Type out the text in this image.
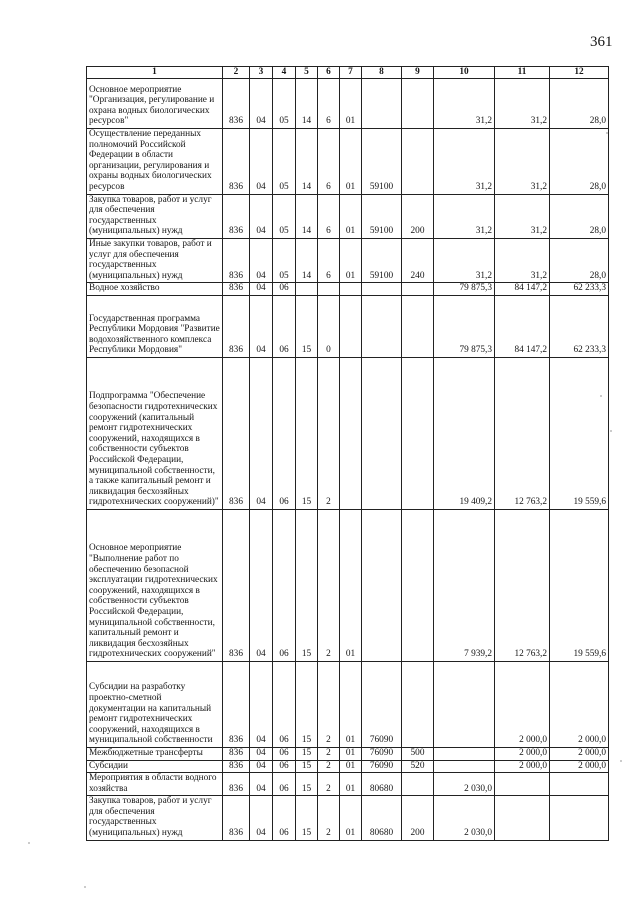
361
1	2	3	4	5	6	7	8	9	10	11	12
Основное мероприятие "Организация, регулирование и охрана водных биологических ресурсов"	836	04	05	14	6	01			31,2	31,2	28,0
Осуществление переданных полномочий Российской Федерации в области организации, регулирования и охраны водных биологических ресурсов	836	04	05	14	6	01	59100		31,2	31,2	28,0
Закупка товаров, работ и услуг для обеспечения государственных (муниципальных) нужд	836	04	05	14	6	01	59100	200	31,2	31,2	28,0
Иные закупки товаров, работ и услуг для обеспечения государственных (муниципальных) нужд	836	04	05	14	6	01	59100	240	31,2	31,2	28,0
Водное хозяйство	836	04	06						79 875,3	84 147,2	62 233,3
Государственная программа Республики Мордовия "Развитие водохозяйственного комплекса Республики Мордовия"	836	04	06	15	0				79 875,3	84 147,2	62 233,3
Подпрограмма "Обеспечение безопасности гидротехнических сооружений (капитальный ремонт гидротехнических сооружений, находящихся в собственности субъектов Российской Федерации, муниципальной собственности, а также капитальный ремонт и ликвидация бесхозяйных гидротехнических сооружений)"	836	04	06	15	2				19 409,2	12 763,2	19 559,6
Основное мероприятие "Выполнение работ по обеспечению безопасной эксплуатации гидротехнических сооружений, находящихся в собственности субъектов Российской Федерации, муниципальной собственности, капитальный ремонт и ликвидация бесхозяйных гидротехнических сооружений"	836	04	06	15	2	01			7 939,2	12 763,2	19 559,6
Субсидии на разработку проектно-сметной документации на капитальный ремонт гидротехнических сооружений, находящихся в муниципальной собственности	836	04	06	15	2	01	76090			2 000,0	2 000,0
Межбюджетные трансферты	836	04	06	15	2	01	76090	500		2 000,0	2 000,0
Субсидии	836	04	06	15	2	01	76090	520		2 000,0	2 000,0
Мероприятия в области водного хозяйства	836	04	06	15	2	01	80680		2 030,0		
Закупка товаров, работ и услуг для обеспечения государственных (муниципальных) нужд	836	04	06	15	2	01	80680	200	2 030,0		
